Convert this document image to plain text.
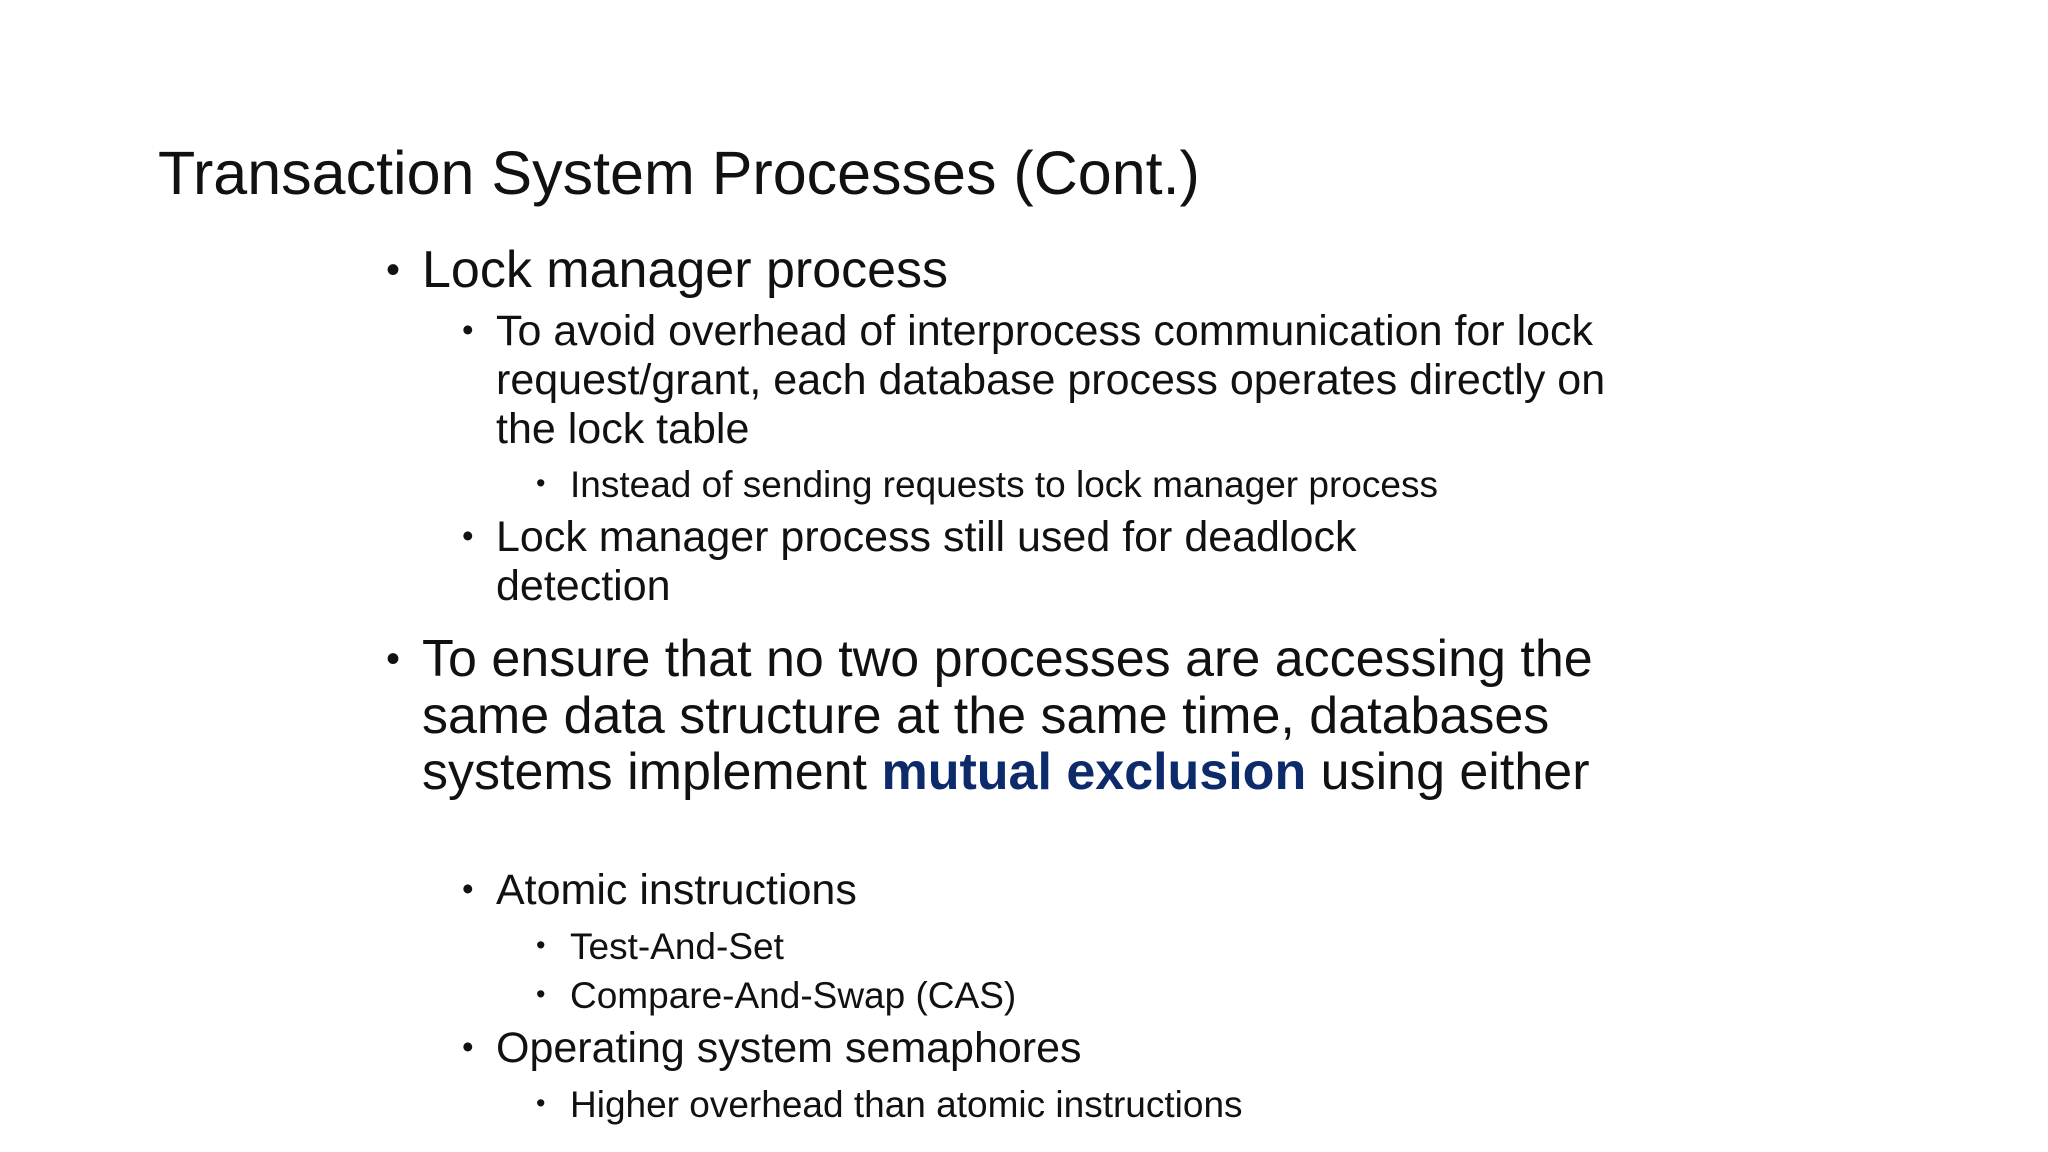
Transaction System Processes (Cont.)
• Lock manager process
• To avoid overhead of interprocess communication for lock request/grant, each database process operates directly on the lock table
• Instead of sending requests to lock manager process
• Lock manager process still used for deadlock detection
• To ensure that no two processes are accessing the same data structure at the same time, databases systems implement mutual exclusion using either
• Atomic instructions
• Test-And-Set
• Compare-And-Swap (CAS)
• Operating system semaphores
• Higher overhead than atomic instructions
